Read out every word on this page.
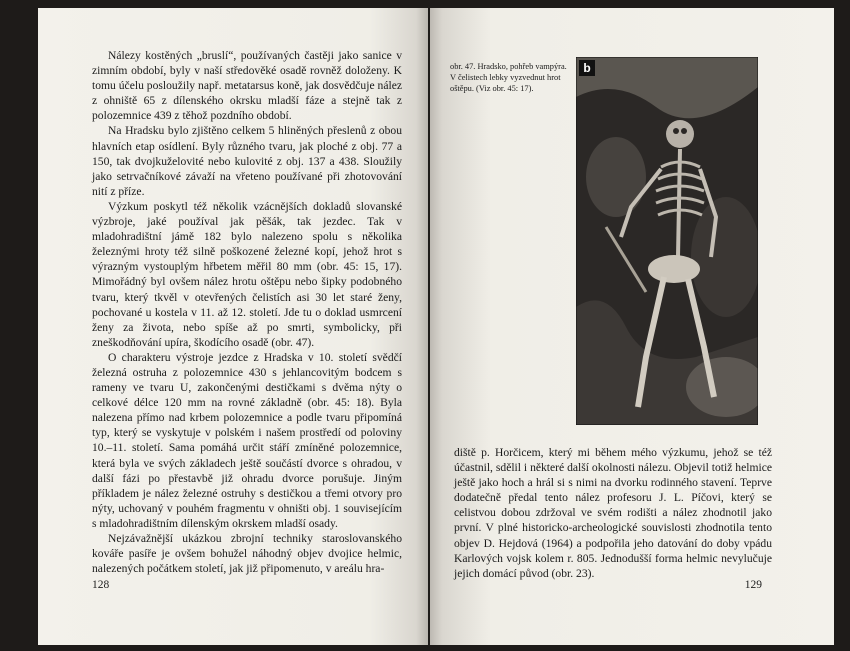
Nálezy kostěných „bruslí“, používaných častěji jako sanice v zimním období, byly v naší středověké osadě rovněž doloženy. K tomu účelu posloužily např. metatarsus koně, jak dosvědčuje nález z ohniště 65 z dílenského okrsku mladší fáze a stejně tak z polozemnice 439 z těhož pozdního období.

Na Hradsku bylo zjištěno celkem 5 hliněných přeslenů z obou hlavních etap osídlení. Byly různého tvaru, jak ploché z obj. 77 a 150, tak dvojkuželovité nebo kulovité z obj. 137 a 438. Sloužily jako setrvačníkové závaží na vřeteno používané při zhotovování nití z příze.

Výzkum poskytl též několik vzácnějších dokladů slovanské výzbroje, jaké používal jak pěšák, tak jezdec. Tak v mladohradištní jámě 182 bylo nalezeno spolu s několika železnými hroty též silně poškozené železné kopí, jehož hrot s výrazným vystouplým hřbetem měřil 80 mm (obr. 45: 15, 17). Mimořádný byl ovšem nález hrotu oštěpu nebo šipky podobného tvaru, který tkvěl v otevřených čelistích asi 30 let staré ženy, pochované u kostela v 11. až 12. století. Jde tu o doklad usmrcení ženy za života, nebo spíše až po smrti, symbolicky, při zneškodňování upíra, škodícího osadě (obr. 47).

O charakteru výstroje jezdce z Hradska v 10. století svědčí železná ostruha z polozemnice 430 s jehlancovitým bodcem s rameny ve tvaru U, zakončenými destičkami s dvěma nýty o celkové délce 120 mm na rovné základně (obr. 45: 18). Byla nalezena přímo nad krbem polozemnice a podle tvaru připomíná typ, který se vyskytuje v polském i našem prostředí od poloviny 10.–11. století. Sama pomáhá určit stáří zmíněné polozemnice, která byla ve svých základech ještě součástí dvorce s ohradou, v další fázi po přestavbě již ohradu dvorce porušuje. Jiným příkladem je nález železné ostruhy s destičkou a třemi otvory pro nýty, uchovaný v pouhém fragmentu v ohništi obj. 1 souvisejícím s mladohradištním dílenským okrskem mladší osady.

Nejzávažnější ukázkou zbrojní techniky staroslovanského kováře pasíře je ovšem bohužel náhodný objev dvojice helmic, nalezených počátkem století, jak již připomenuto, v areálu hra-

128
obr. 47. Hradsko, pohřeb vampýra. V čelistech lebky vyzvednut hrot oštěpu. (Viz obr. 45: 17).
b

diště p. Horčicem, který mi během mého výzkumu, jehož se též účastnil, sdělil i některé další okolnosti nálezu. Objevil totiž helmice ještě jako hoch a hrál si s nimi na dvorku rodinného stavení. Teprve dodatečně předal tento nález profesoru J. L. Píčovi, který se celistvou dobou zdržoval ve svém rodišti a nález zhodnotil jako první. V plné historicko-archeologické souvislosti zhodnotila tento objev D. Hejdová (1964) a podpořila jeho datování do doby vpádu Karlových vojsk kolem r. 805. Jednodušší forma helmic nevylučuje jejich domácí původ (obr. 23).

129
